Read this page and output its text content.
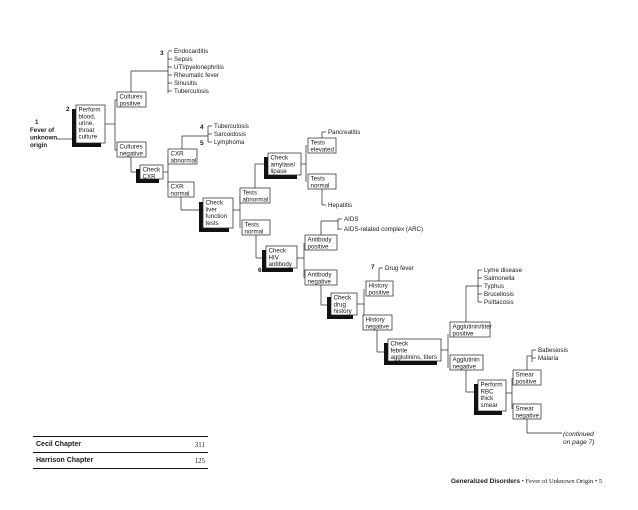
1
Fever of
unknown
origin
Perform
blood,
urine,
throat
culture
2
Cultures
positive
3 Endocarditis
Sepsis
UTI/pyelonephritis
Rheumatic fever
Sinusitis
Tuberculosis
Cultures
negative
Check
CXR
CXR
abnormal
4
5
Tuberculosis
Sarcoidosis
Lymphoma
CXR
normal
Check
liver
function
tests
Tests
abnormal
Check
amylase/
lipase
Tests
elevated
Pancreatitis
Tests
normal
Hepatitis
Tests
normal
Check
HIV
antibody
6
Antibody
positive
AIDS
AIDS-related complex (ARC)
Antibody
negative
Check
drug
history
History
positive
7 Drug fever
History
negative
Check
febrile
agglutinins, titers
Agglutinin/titer
positive
Lyme disease
Salmonella
Typhus
Brucellosis
Psittacosis
Agglutinin
negative
Perform
RBC
thick
smear
Smear
positive
Babesiosis
Malaria
Smear
negative
(continued
on page 7)
Cecil Chapter	311
Harrison Chapter	125
Generalized Disorders • Fever of Unknown Origin • 5
